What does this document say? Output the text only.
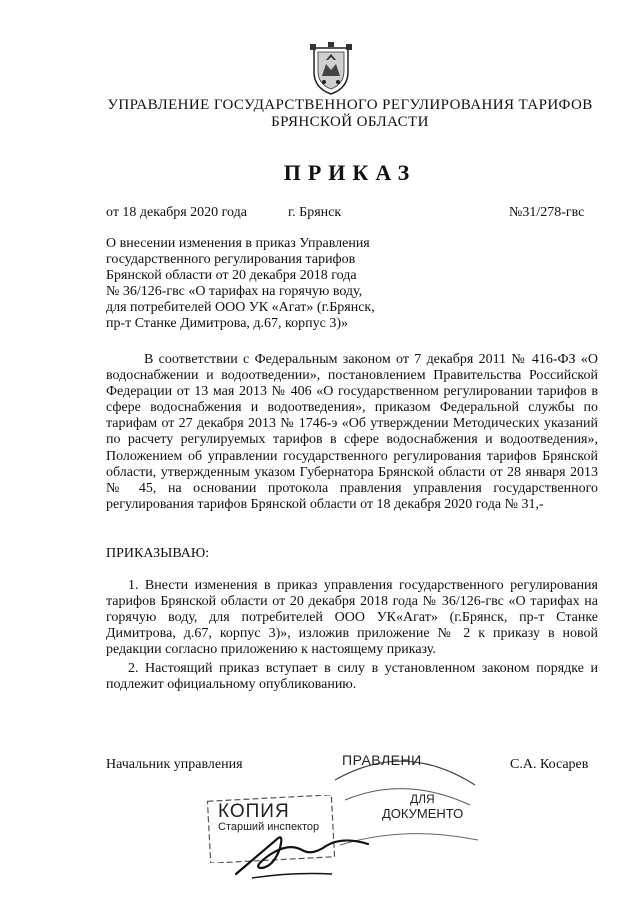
УПРАВЛЕНИЕ ГОСУДАРСТВЕННОГО РЕГУЛИРОВАНИЯ ТАРИФОВ
БРЯНСКОЙ ОБЛАСТИ
ПРИКАЗ
от 18 декабря 2020 года	г. Брянск	№31/278-гвс
О внесении изменения в приказ Управления
государственного регулирования тарифов
Брянской области от 20 декабря 2018 года
№ 36/126-гвс «О тарифах на горячую воду,
для потребителей ООО УК «Агат» (г.Брянск,
пр-т Станке Димитрова, д.67, корпус 3)»
В соответствии с Федеральным законом от 7 декабря 2011 № 416-ФЗ «О водоснабжении и водоотведении», постановлением Правительства Российской Федерации от 13 мая 2013 № 406 «О государственном регулировании тарифов в сфере водоснабжения и водоотведения», приказом Федеральной службы по тарифам от 27 декабря 2013 № 1746-э «Об утверждении Методических указаний по расчету регулируемых тарифов в сфере водоснабжения и водоотведения», Положением об управлении государственного регулирования тарифов Брянской области, утвержденным указом Губернатора Брянской области от 28 января 2013 № 45, на основании протокола правления управления государственного регулирования тарифов Брянской области от 18 декабря 2020 года № 31,-
ПРИКАЗЫВАЮ:
1. Внести изменения в приказ управления государственного регулирования тарифов Брянской области от 20 декабря 2018 года № 36/126-гвс «О тарифах на горячую воду, для потребителей ООО УК«Агат» (г.Брянск, пр-т Станке Димитрова, д.67, корпус 3)», изложив приложение № 2 к приказу в новой редакции согласно приложению к настоящему приказу.
2. Настоящий приказ вступает в силу в установленном законом порядке и подлежит официальному опубликованию.
Начальник управления	С.А. Косарев
ПРАВЛЕНИ
ДЛЯ
ДОКУМЕНТО
КОПИЯ
Старший инспектор
